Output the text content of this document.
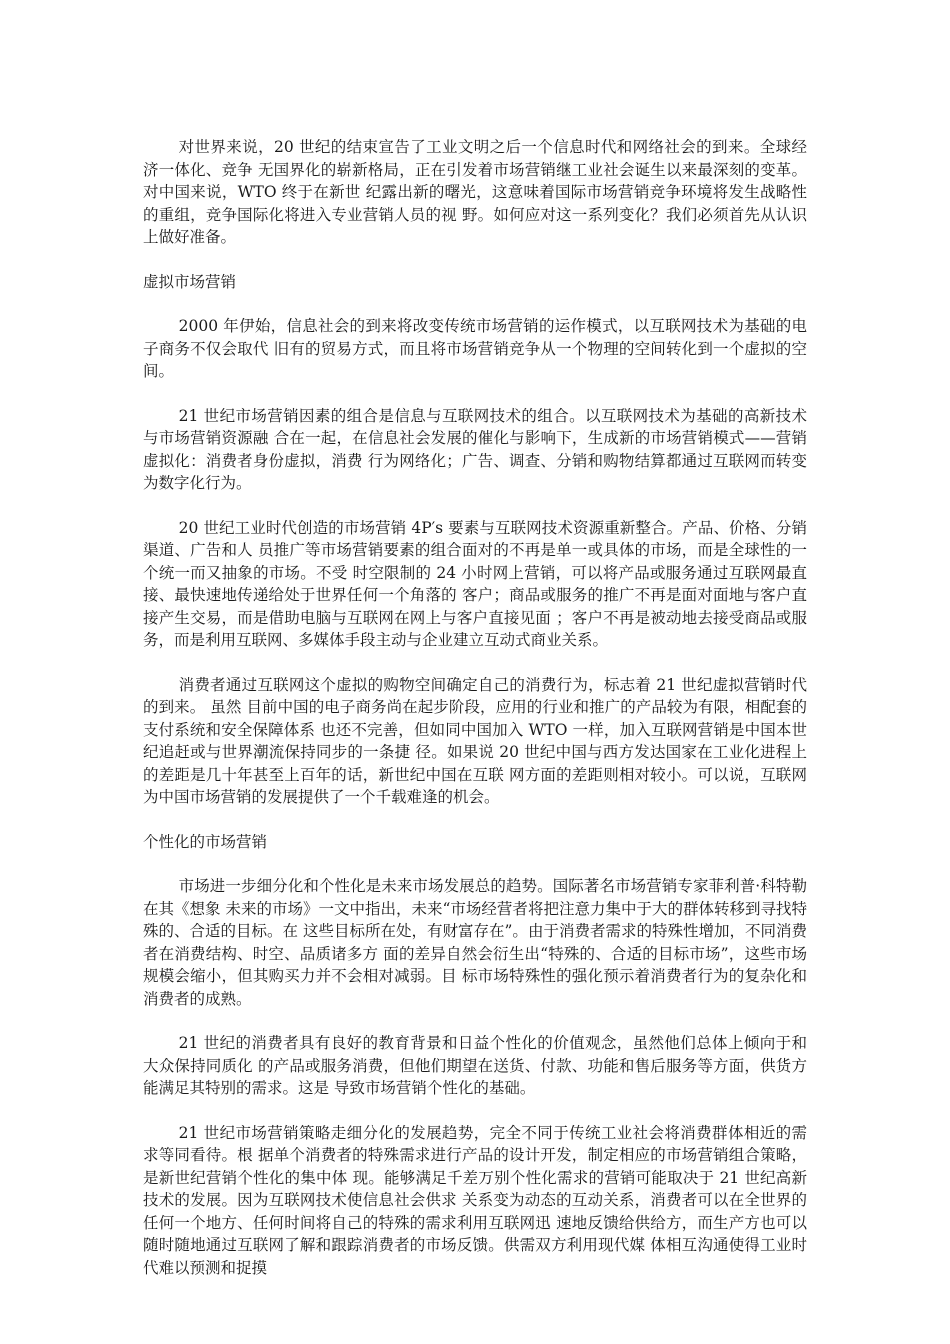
对世界来说，20 世纪的结束宣告了工业文明之后一个信息时代和网络社会的到来。全球经济一体化、竞争 无国界化的崭新格局，正在引发着市场营销继工业社会诞生以来最深刻的变革。对中国来说，WTO 终于在新世 纪露出新的曙光，这意味着国际市场营销竞争环境将发生战略性的重组，竞争国际化将进入专业营销人员的视 野。如何应对这一系列变化？我们必须首先从认识上做好准备。

虚拟市场营销

2000 年伊始，信息社会的到来将改变传统市场营销的运作模式，以互联网技术为基础的电子商务不仅会取代 旧有的贸易方式，而且将市场营销竞争从一个物理的空间转化到一个虚拟的空间。

21 世纪市场营销因素的组合是信息与互联网技术的组合。以互联网技术为基础的高新技术与市场营销资源融 合在一起，在信息社会发展的催化与影响下，生成新的市场营销模式——营销虚拟化：消费者身份虚拟，消费 行为网络化；广告、调查、分销和购物结算都通过互联网而转变为数字化行为。

20 世纪工业时代创造的市场营销 4P′s 要素与互联网技术资源重新整合。产品、价格、分销渠道、广告和人 员推广等市场营销要素的组合面对的不再是单一或具体的市场，而是全球性的一个统一而又抽象的市场。不受 时空限制的 24 小时网上营销，可以将产品或服务通过互联网最直接、最快速地传递给处于世界任何一个角落的 客户；商品或服务的推广不再是面对面地与客户直接产生交易，而是借助电脑与互联网在网上与客户直接见面 ；客户不再是被动地去接受商品或服务，而是利用互联网、多媒体手段主动与企业建立互动式商业关系。

消费者通过互联网这个虚拟的购物空间确定自己的消费行为，标志着 21 世纪虚拟营销时代的到来。 虽然 目前中国的电子商务尚在起步阶段，应用的行业和推广的产品较为有限，相配套的支付系统和安全保障体系 也还不完善，但如同中国加入 WTO 一样，加入互联网营销是中国本世纪追赶或与世界潮流保持同步的一条捷 径。如果说 20 世纪中国与西方发达国家在工业化进程上的差距是几十年甚至上百年的话，新世纪中国在互联 网方面的差距则相对较小。可以说，互联网为中国市场营销的发展提供了一个千载难逢的机会。

个性化的市场营销

市场进一步细分化和个性化是未来市场发展总的趋势。国际著名市场营销专家菲利普·科特勒在其《想象 未来的市场》一文中指出，未来“市场经营者将把注意力集中于大的群体转移到寻找特殊的、合适的目标。在 这些目标所在处，有财富存在”。由于消费者需求的特殊性增加，不同消费者在消费结构、时空、品质诸多方 面的差异自然会衍生出“特殊的、合适的目标市场”，这些市场规模会缩小，但其购买力并不会相对减弱。目 标市场特殊性的强化预示着消费者行为的复杂化和消费者的成熟。

21 世纪的消费者具有良好的教育背景和日益个性化的价值观念，虽然他们总体上倾向于和大众保持同质化 的产品或服务消费，但他们期望在送货、付款、功能和售后服务等方面，供货方能满足其特别的需求。这是 导致市场营销个性化的基础。

21 世纪市场营销策略走细分化的发展趋势，完全不同于传统工业社会将消费群体相近的需求等同看待。根 据单个消费者的特殊需求进行产品的设计开发，制定相应的市场营销组合策略，是新世纪营销个性化的集中体 现。能够满足千差万别个性化需求的营销可能取决于 21 世纪高新技术的发展。因为互联网技术使信息社会供求 关系变为动态的互动关系，消费者可以在全世界的任何一个地方、任何时间将自己的特殊的需求利用互联网迅 速地反馈给供给方，而生产方也可以随时随地通过互联网了解和跟踪消费者的市场反馈。供需双方利用现代媒 体相互沟通使得工业时代难以预测和捉摸
